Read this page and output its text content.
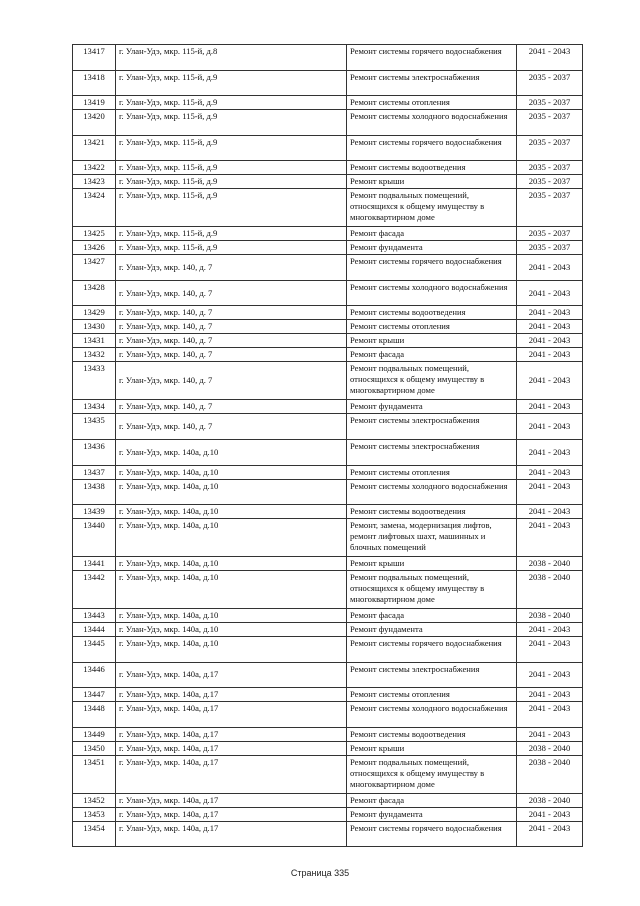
13417	г. Улан-Удэ, мкр. 115-й, д.8	Ремонт системы горячего водоснабжения	2041 - 2043
13418	г. Улан-Удэ, мкр. 115-й, д.9	Ремонт системы электроснабжения	2035 - 2037
13419	г. Улан-Удэ, мкр. 115-й, д.9	Ремонт системы отопления	2035 - 2037
13420	г. Улан-Удэ, мкр. 115-й, д.9	Ремонт системы холодного водоснабжения	2035 - 2037
13421	г. Улан-Удэ, мкр. 115-й, д.9	Ремонт системы горячего водоснабжения	2035 - 2037
13422	г. Улан-Удэ, мкр. 115-й, д.9	Ремонт системы водоотведения	2035 - 2037
13423	г. Улан-Удэ, мкр. 115-й, д.9	Ремонт крыши	2035 - 2037
13424	г. Улан-Удэ, мкр. 115-й, д.9	Ремонт подвальных помещений, относящихся к общему имуществу в многоквартирном доме	2035 - 2037
13425	г. Улан-Удэ, мкр. 115-й, д.9	Ремонт фасада	2035 - 2037
13426	г. Улан-Удэ, мкр. 115-й, д.9	Ремонт фундамента	2035 - 2037
13427	г. Улан-Удэ, мкр. 140, д. 7	Ремонт системы горячего водоснабжения	2041 - 2043
13428	г. Улан-Удэ, мкр. 140, д. 7	Ремонт системы холодного водоснабжения	2041 - 2043
13429	г. Улан-Удэ, мкр. 140, д. 7	Ремонт системы водоотведения	2041 - 2043
13430	г. Улан-Удэ, мкр. 140, д. 7	Ремонт системы отопления	2041 - 2043
13431	г. Улан-Удэ, мкр. 140, д. 7	Ремонт крыши	2041 - 2043
13432	г. Улан-Удэ, мкр. 140, д. 7	Ремонт фасада	2041 - 2043
13433	г. Улан-Удэ, мкр. 140, д. 7	Ремонт подвальных помещений, относящихся к общему имуществу в многоквартирном доме	2041 - 2043
13434	г. Улан-Удэ, мкр. 140, д. 7	Ремонт фундамента	2041 - 2043
13435	г. Улан-Удэ, мкр. 140, д. 7	Ремонт системы электроснабжения	2041 - 2043
13436	г. Улан-Удэ, мкр. 140а, д.10	Ремонт системы электроснабжения	2041 - 2043
13437	г. Улан-Удэ, мкр. 140а, д.10	Ремонт системы отопления	2041 - 2043
13438	г. Улан-Удэ, мкр. 140а, д.10	Ремонт системы холодного водоснабжения	2041 - 2043
13439	г. Улан-Удэ, мкр. 140а, д.10	Ремонт системы водоотведения	2041 - 2043
13440	г. Улан-Удэ, мкр. 140а, д.10	Ремонт, замена, модернизация лифтов, ремонт лифтовых шахт, машинных и блочных помещений	2041 - 2043
13441	г. Улан-Удэ, мкр. 140а, д.10	Ремонт крыши	2038 - 2040
13442	г. Улан-Удэ, мкр. 140а, д.10	Ремонт подвальных помещений, относящихся к общему имуществу в многоквартирном доме	2038 - 2040
13443	г. Улан-Удэ, мкр. 140а, д.10	Ремонт фасада	2038 - 2040
13444	г. Улан-Удэ, мкр. 140а, д.10	Ремонт фундамента	2041 - 2043
13445	г. Улан-Удэ, мкр. 140а, д.10	Ремонт системы горячего водоснабжения	2041 - 2043
13446	г. Улан-Удэ, мкр. 140а, д.17	Ремонт системы электроснабжения	2041 - 2043
13447	г. Улан-Удэ, мкр. 140а, д.17	Ремонт системы отопления	2041 - 2043
13448	г. Улан-Удэ, мкр. 140а, д.17	Ремонт системы холодного водоснабжения	2041 - 2043
13449	г. Улан-Удэ, мкр. 140а, д.17	Ремонт системы водоотведения	2041 - 2043
13450	г. Улан-Удэ, мкр. 140а, д.17	Ремонт крыши	2038 - 2040
13451	г. Улан-Удэ, мкр. 140а, д.17	Ремонт подвальных помещений, относящихся к общему имуществу в многоквартирном доме	2038 - 2040
13452	г. Улан-Удэ, мкр. 140а, д.17	Ремонт фасада	2038 - 2040
13453	г. Улан-Удэ, мкр. 140а, д.17	Ремонт фундамента	2041 - 2043
13454	г. Улан-Удэ, мкр. 140а, д.17	Ремонт системы горячего водоснабжения	2041 - 2043
Страница 335
